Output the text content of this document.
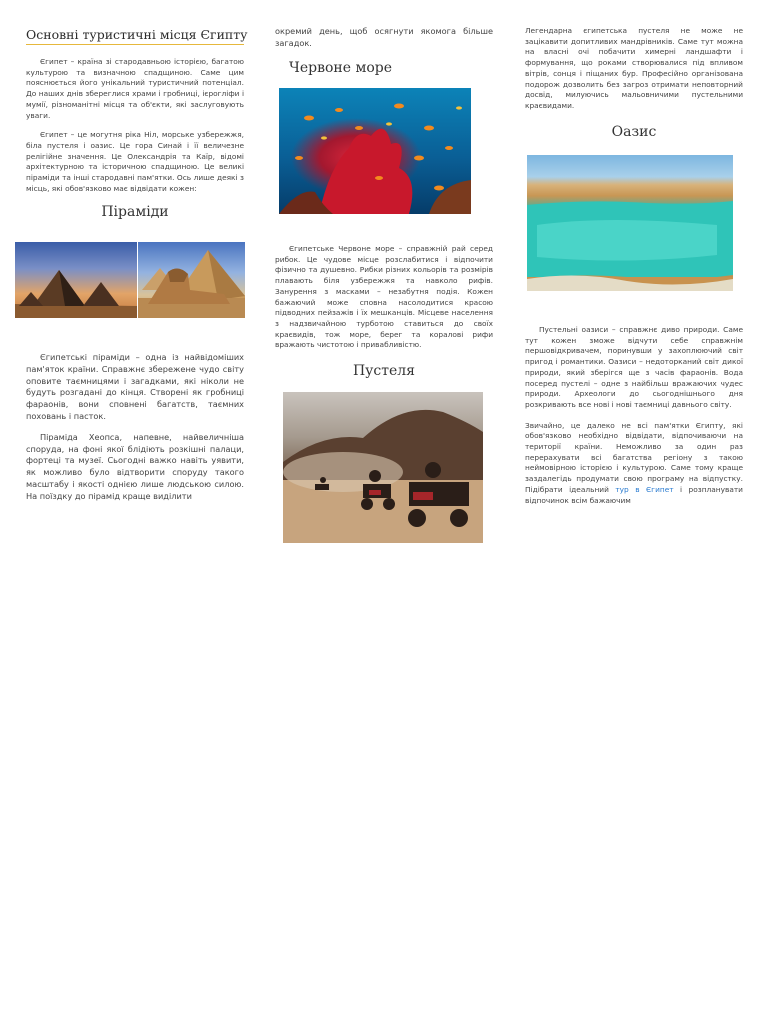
Основні туристичні місця Єгипту

Єгипет – країна зі стародавньою історією, багатою культурою та визначною спадщиною. Саме цим пояснюється його унікальний туристичний потенціал. До наших днів збереглися храми і гробниці, ієрогліфи і мумії, різноманітні місця та об'єкти, які заслуговують уваги.

Єгипет – це могутня ріка Ніл, морське узбережжя, біла пустеля і оазис. Це гора Синай і її величезне релігійне значення. Це Олександрія та Каїр, відомі архітектурною та історичною спадщиною. Це великі піраміди та інші стародавні пам'ятки. Ось лише деякі з місць, які обов'язково має відвідати кожен:

Піраміди

Єгипетські піраміди – одна із найвідоміших пам'яток країни. Справжнє збережене чудо світу оповите таємницями і загадками, які ніколи не будуть розгадані до кінця. Створені як гробниці фараонів, вони сповнені багатств, таємних поховань і пасток.

Піраміда Хеопса, напевне, найвеличніша споруда, на фоні якої блідіють розкішні палаци, фортеці та музеї. Сьогодні важко навіть уявити, як можливо було відтворити споруду такого масштабу і якості однією лише людською силою. На поїздку до пірамід краще виділити

окремий день, щоб осягнути якомога більше загадок.

Червоне море

Єгипетське Червоне море – справжній рай серед рибок. Це чудове місце розслабитися і відпочити фізично та душевно. Рибки різних кольорів та розмірів плавають біля узбережжя та навколо рифів. Занурення з масками – незабутня подія. Кожен бажаючий може сповна насолодитися красою підводних пейзажів і їх мешканців. Місцеве населення з надзвичайною турботою ставиться до своїх краєвидів, тож море, берег та коралові рифи вражають чистотою і привабливістю.

Пустеля

Легендарна єгипетська пустеля не може не зацікавити допитливих мандрівників. Саме тут можна на власні очі побачити химерні ландшафти і формування, що роками створювалися під впливом вітрів, сонця і піщаних бур. Професійно організована подорож дозволить без загроз отримати неповторний досвід, милуючись мальовничими пустельними краєвидами.

Оазис

Пустельні оазиси – справжнє диво природи. Саме тут кожен зможе відчути себе справжнім першовідкривачем, поринувши у захоплюючий світ пригод і романтики. Оазиси – недоторканий світ дикої природи, який зберігся ще з часів фараонів. Вода посеред пустелі – одне з найбільш вражаючих чудес природи. Археологи до сьогоднішнього дня розкривають все нові і нові таємниці давнього світу.

Звичайно, це далеко не всі пам'ятки Єгипту, які обов'язково необхідно відвідати, відпочиваючи на території країни. Неможливо за один раз перерахувати всі багатства регіону з такою неймовірною історією і культурою. Саме тому краще заздалегідь продумати свою програму на відпустку. Підібрати ідеальний тур в Єгипет і розпланувати відпочинок всім бажаючим
